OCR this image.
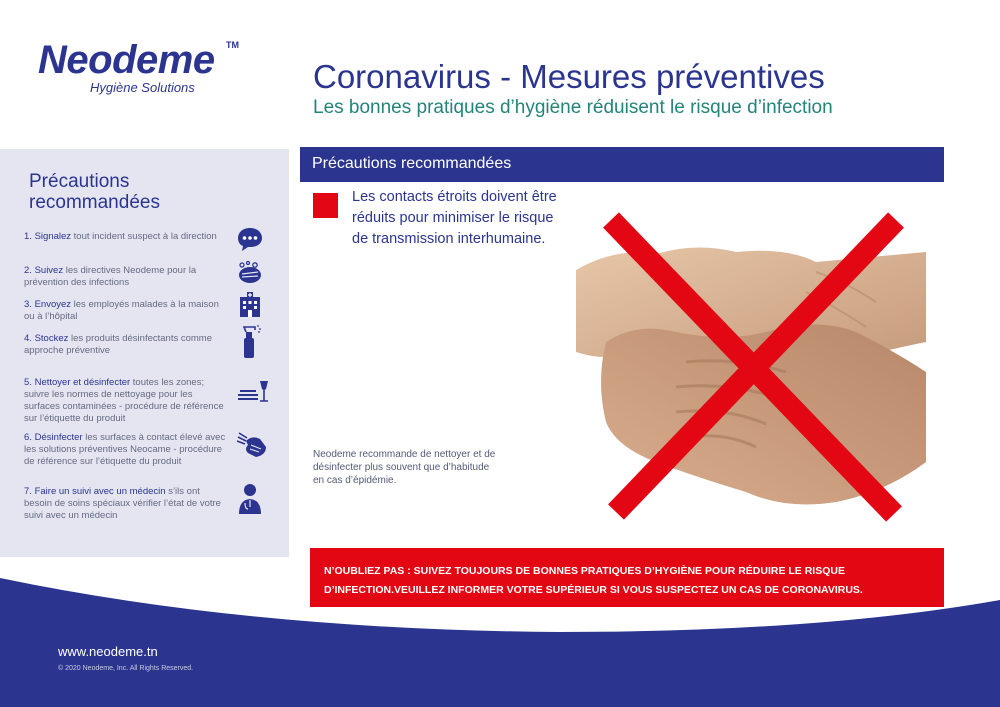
Neodeme TM
Hygiène Solutions	Coronavirus - Mesures préventives
Les bonnes pratiques d’hygiène réduisent le risque d’infection
Précautions recommandées
1. Signalez tout incident suspect à la direction
2. Suivez les directives Neodeme pour la prévention des infections
3. Envoyez les employés malades à la maison ou à l’hôpital
4. Stockez les produits désinfectants comme approche préventive
5. Nettoyer et désinfecter toutes les zones; suivre les normes de nettoyage pour les surfaces contaminées - procédure de référence sur l’étiquette du produit
6. Désinfecter les surfaces à contact élevé avec les solutions préventives Neocame - procédure de référence sur l’étiquette du produit
7. Faire un suivi avec un médecin s’ils ont besoin de soins spéciaux vérifier l’état de votre suivi avec un médecin
Précautions recommandées
Les contacts étroits doivent être réduits pour minimiser le risque de transmission interhumaine.
Neodeme recommande de nettoyer et de désinfecter plus souvent que d’habitude en cas d’épidémie.
N’OUBLIEZ PAS : SUIVEZ TOUJOURS DE BONNES PRATIQUES D’HYGIÈNE POUR RÉDUIRE LE RISQUE D’INFECTION.VEUILLEZ INFORMER VOTRE SUPÉRIEUR SI VOUS SUSPECTEZ UN CAS DE CORONAVIRUS.
www.neodeme.tn
© 2020 Neodeme, Inc. All Rights Reserved.
